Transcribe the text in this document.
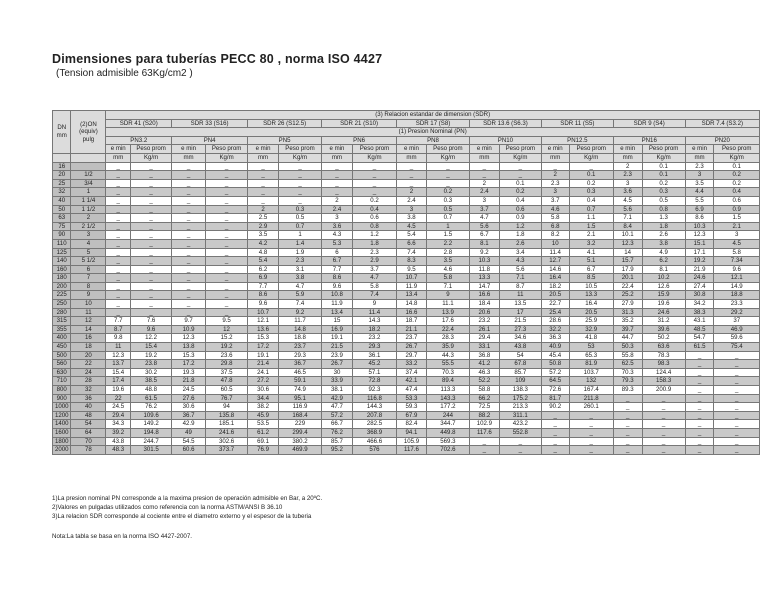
Dimensiones para tuberías PECC 80 , norma ISO 4427
(Tension admisible 63Kg/cm2 )
DN
mm	(2)ON
(equiv)
pulg	(3) Relacion estandar de dimension (SDR)																	
		SDR 41 (S20)		SDR 33 (S16)		SDR 26 (S12.5)		SDR 21 (S10)		SDR 17 (S8)		SDR 13.6 (S6.3)		SDR 11 (S5)		SDR 9 (S4)		SDR 7.4 (S3.2)	
		(1) Presion Nominal (PN)																	
		PN3.2		PN4		PN5		PN6		PN8		PN10		PN12.5		PN16		PN20	
		e min	Peso prom	e min	Peso prom	e min	Peso prom	e min	Peso prom	e min	Peso prom	e min	Peso prom	e min	Peso prom	e min	Peso prom	e min	Peso prom
		mm	Kg/m	mm	Kg/m	mm	Kg/m	mm	Kg/m	mm	Kg/m	mm	Kg/m	mm	Kg/m	mm	Kg/m	mm	Kg/m
16		_	_	_	_	_	_	_	_	_	_	_	_	_	_	2	0.1	2.3	0.1
20	1/2	_	_	_	_	_	_	_	_	_	_	_	_	2	0.1	2.3	0.1	3	0.2
25	3/4	_	_	_	_	_	_	_	_	_	_	2	0.1	2.3	0.2	3	0.2	3.5	0.2
32	1	_	_	_	_	_	_	_	_	2	0.2	2.4	0.2	3	0.3	3.6	0.3	4.4	0.4
40	1 1/4	_	_	_	_	_	_	2	0.2	2.4	0.3	3	0.4	3.7	0.4	4.5	0.5	5.5	0.6
50	1 1/2	_	_	_	_	2	0.3	2.4	0.4	3	0.5	3.7	0.6	4.6	0.7	5.6	0.8	6.9	0.9
63	2	_	_	_	_	2.5	0.5	3	0.6	3.8	0.7	4.7	0.9	5.8	1.1	7.1	1.3	8.6	1.5
75	2 1/2	_	_	_	_	2.9	0.7	3.6	0.8	4.5	1	5.6	1.2	6.8	1.5	8.4	1.8	10.3	2.1
90	3	_	_	_	_	3.5	1	4.3	1.2	5.4	1.5	6.7	1.8	8.2	2.1	10.1	2.6	12.3	3
110	4	_	_	_	_	4.2	1.4	5.3	1.8	6.6	2.2	8.1	2.6	10	3.2	12.3	3.8	15.1	4.5
125	5	_	_	_	_	4.8	1.9	6	2.3	7.4	2.8	9.2	3.4	11.4	4.1	14	4.9	17.1	5.8
140	5 1/2	_	_	_	_	5.4	2.3	6.7	2.9	8.3	3.5	10.3	4.3	12.7	5.1	15.7	6.2	19.2	7.34
160	6	_	_	_	_	6.2	3.1	7.7	3.7	9.5	4.6	11.8	5.6	14.6	6.7	17.9	8.1	21.9	9.6
180	7	_	_	_	_	6.9	3.8	8.6	4.7	10.7	5.8	13.3	7.1	16.4	8.5	20.1	10.2	24.6	12.1
200	8	_	_	_	_	7.7	4.7	9.6	5.8	11.9	7.1	14.7	8.7	18.2	10.5	22.4	12.6	27.4	14.9
225	9	_	_	_	_	8.6	5.9	10.8	7.4	13.4	9	16.6	11	20.5	13.3	25.2	15.9	30.8	18.8
250	10	_	_	_	_	9.6	7.4	11.9	9	14.8	11.1	18.4	13.5	22.7	16.4	27.9	19.6	34.2	23.3
280	11	_	_	_	_	10.7	9.2	13.4	11.4	16.6	13.9	20.6	17	25.4	20.5	31.3	24.6	38.3	29.2
315	12	7.7	7.6	9.7	9.5	12.1	11.7	15	14.3	18.7	17.6	23.2	21.5	28.6	25.9	35.2	31.2	43.1	37
355	14	8.7	9.6	10.9	12	13.6	14.8	16.9	18.2	21.1	22.4	26.1	27.3	32.2	32.9	39.7	39.6	48.5	46.9
400	16	9.8	12.2	12.3	15.2	15.3	18.8	19.1	23.2	23.7	28.3	29.4	34.6	36.3	41.8	44.7	50.2	54.7	59.6
450	18	11	15.4	13.8	19.2	17.2	23.7	21.5	29.3	26.7	35.9	33.1	43.8	40.9	53	50.3	63.6	61.5	75.4
500	20	12.3	19.2	15.3	23.6	19.1	29.3	23.9	36.1	29.7	44.3	36.8	54	45.4	65.3	55.8	78.3	_	_
560	22	13.7	23.8	17.2	29.8	21.4	36.7	26.7	45.2	33.2	55.5	41.2	67.8	50.8	81.9	62.5	98.3	_	_
630	24	15.4	30.2	19.3	37.5	24.1	46.5	30	57.1	37.4	70.3	46.3	85.7	57.2	103.7	70.3	124.4	_	_
710	28	17.4	38.5	21.8	47.8	27.2	59.1	33.9	72.8	42.1	89.4	52.2	109	64.5	132	79.3	158.3	_	_
800	32	19.6	48.8	24.5	60.5	30.6	74.9	38.1	92.3	47.4	113.3	58.8	138.3	72.6	167.4	89.3	200.9	_	_
900	36	22	61.5	27.6	76.7	34.4	95.1	42.9	116.8	53.3	143.3	66.2	175.2	81.7	211.8	_	_	_	_
1000	40	24.5	76.2	30.6	94	38.2	116.9	47.7	144.3	59.3	177.2	72.5	213.3	90.2	260.1	_	_	_	_
1200	48	29.4	109.6	36.7	135.8	45.9	168.4	57.2	207.8	67.9	244	88.2	311.1	_	_	_	_	_	_
1400	54	34.3	149.2	42.9	185.1	53.5	229	66.7	282.5	82.4	344.7	102.9	423.2	_	_	_	_	_	_
1600	64	39.2	194.8	49	241.6	61.2	299.4	76.2	368.9	94.1	449.8	117.6	552.8	_	_	_	_	_	_
1800	70	43.8	244.7	54.5	302.6	69.1	380.2	85.7	466.6	105.9	569.3	_	_	_	_	_	_	_	_
2000	78	48.3	301.5	60.6	373.7	76.9	469.9	95.2	576	117.6	702.6	_	_	_	_	_	_	_	_
1)La presion nominal PN corresponde a la maxima presion de operación admisible en Bar, a 20ºC.
2)Valores en pulgadas utilizados como referencia con la norma ASTM/ANSI B 36.10
3)La relacion SDR corresponde al cociente entre el diametro externo y el espesor de la tuberia
Nota:La tabla se basa en la norma ISO 4427-2007.
